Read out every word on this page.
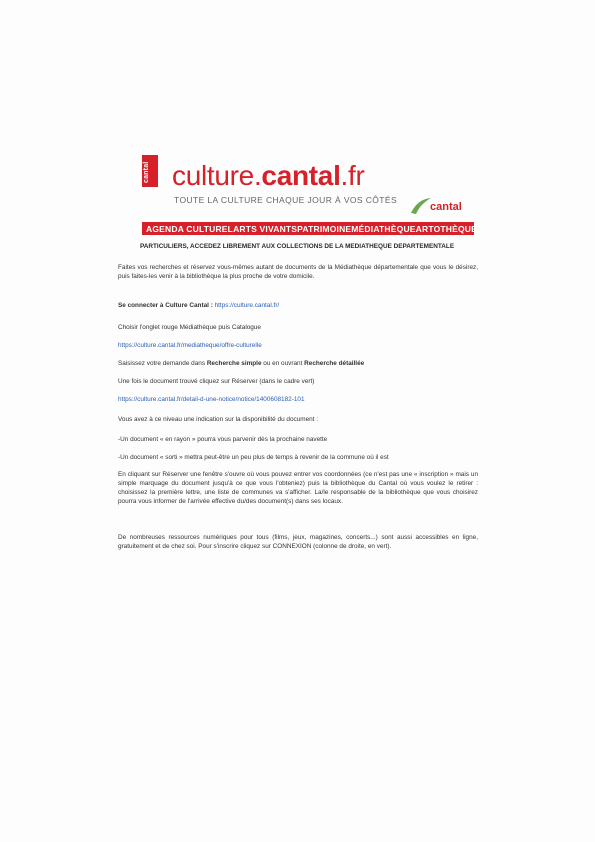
cantal culture.cantal.fr
TOUTE LA CULTURE CHAQUE JOUR À VOS CÔTÉS
cantal
AGENDA CULTUREL ARTS VIVANTS PATRIMOINE MÉDIATHÈQUE ARTOTHÈQUE

PARTICULIERS, ACCEDEZ LIBREMENT AUX COLLECTIONS DE LA MEDIATHEQUE DEPARTEMENTALE

Faites vos recherches et réservez vous-mêmes autant de documents de la Médiathèque départementale que vous le désirez, puis faites-les venir à la bibliothèque la plus proche de votre domicile.

Se connecter à Culture Cantal : https://culture.cantal.fr/

Choisir l'onglet rouge Médiathèque puis Catalogue

https://culture.cantal.fr/mediatheque/offre-culturelle

Saisissez votre demande dans Recherche simple ou en ouvrant Recherche détaillée

Une fois le document trouvé cliquez sur Réserver (dans le cadre vert)

https://culture.cantal.fr/detail-d-une-notice/notice/1400608182-101

Vous avez à ce niveau une indication sur la disponibilité du document :

-Un document « en rayon » pourra vous parvenir dès la prochaine navette

-Un document « sorti » mettra peut-être un peu plus de temps à revenir de la commune où il est

En cliquant sur Réserver une fenêtre s'ouvre où vous pouvez entrer vos coordonnées (ce n'est pas une « inscription » mais un simple marquage du document jusqu'à ce que vous l'obteniez) puis la bibliothèque du Cantal où vous voulez le retirer : choisissez la première lettre, une liste de communes va s'afficher. La/le responsable de la bibliothèque que vous choisirez pourra vous informer de l'arrivée effective du/des document(s) dans ses locaux.

De nombreuses ressources numériques pour tous (films, jeux, magazines, concerts...) sont aussi accessibles en ligne, gratuitement et de chez soi. Pour s'inscrire cliquez sur CONNEXION (colonne de droite, en vert).
